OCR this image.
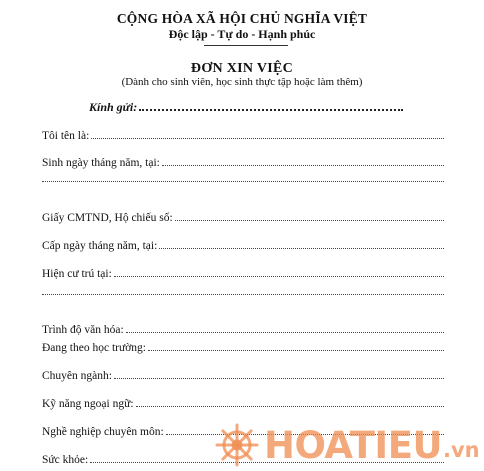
CỘNG HÒA XÃ HỘI CHỦ NGHĨA VIỆT
Độc lập - Tự do - Hạnh phúc
ĐƠN XIN VIỆC
(Dành cho sinh viên, học sinh thực tập hoặc làm thêm)
Kính gửi:
Tôi tên là:
Sinh ngày tháng năm, tại:
Giấy CMTND, Hộ chiếu số:
Cấp ngày tháng năm, tại:
Hiện cư trú tại:
Trình độ văn hóa:
Đang theo học trường:
Chuyên ngành:
Kỹ năng ngoại ngữ:
Nghề nghiệp chuyên môn:
Sức khỏe:	HOATIEU .vn
